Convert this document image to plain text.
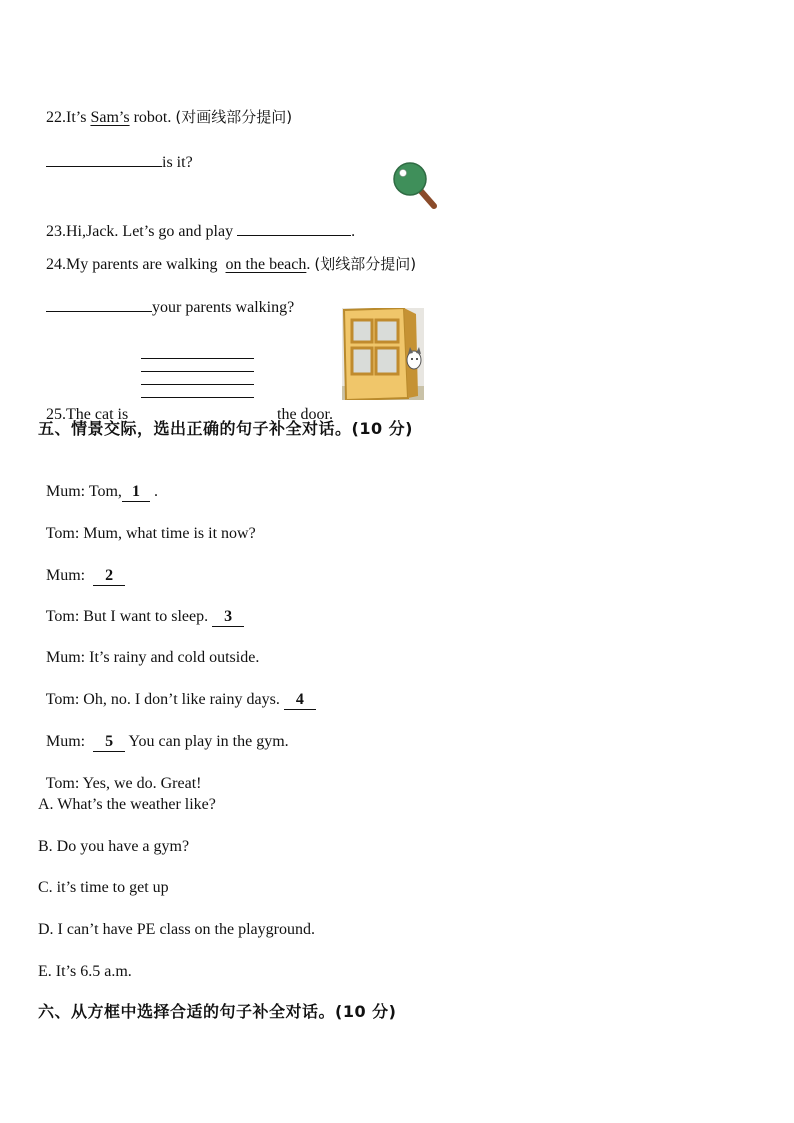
22.It’s Sam’s robot. (对画线部分提问)

is it?

23.Hi,Jack. Let’s go and play	.

24.My parents are walking  on the beach. (划线部分提问)

your parents walking?

25.The cat is	the door.

五、情景交际，选出正确的句子补全对话。(10 分)

Mum: Tom, 1 .

Tom: Mum, what time is it now?

Mum:  2

Tom: But I want to sleep. 3

Mum: It’s rainy and cold outside.

Tom: Oh, no. I don’t like rainy days. 4

Mum:  5 You can play in the gym.

Tom: Yes, we do. Great!

A. What’s the weather like?
B. Do you have a gym?
C. it’s time to get up
D. I can’t have PE class on the playground.
E. It’s 6.5 a.m.
六、从方框中选择合适的句子补全对话。(10 分)
